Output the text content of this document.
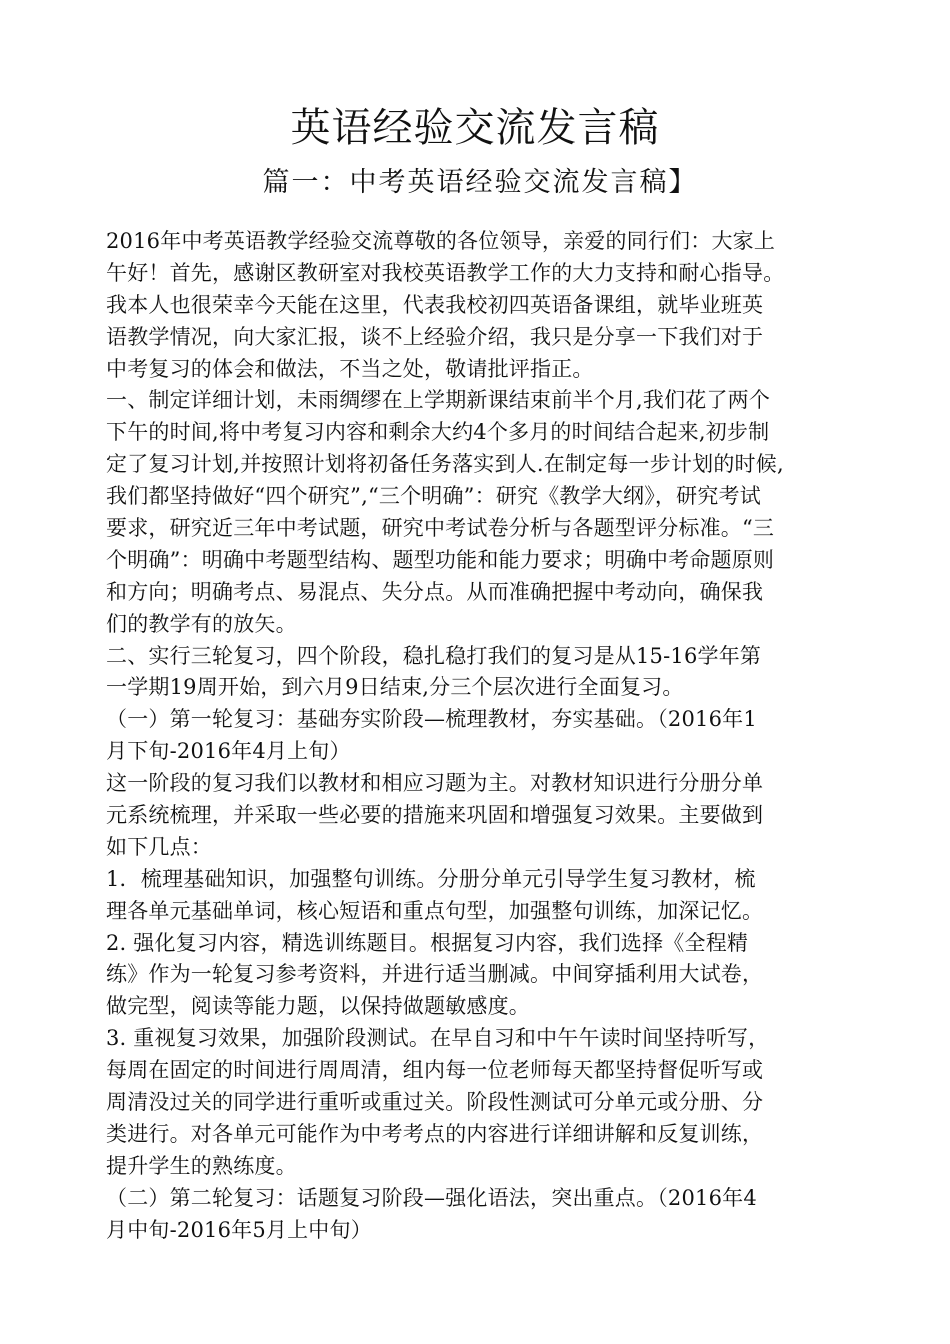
英语经验交流发言稿
篇一：中考英语经验交流发言稿】
2016年中考英语教学经验交流尊敬的各位领导，亲爱的同行们：大家上
午好！首先，感谢区教研室对我校英语教学工作的大力支持和耐心指导。
我本人也很荣幸今天能在这里，代表我校初四英语备课组，就毕业班英
语教学情况，向大家汇报，谈不上经验介绍，我只是分享一下我们对于
中考复习的体会和做法，不当之处，敬请批评指正。
一、制定详细计划，未雨绸缪在上学期新课结束前半个月,我们花了两个
下午的时间,将中考复习内容和剩余大约4个多月的时间结合起来,初步制
定了复习计划,并按照计划将初备任务落实到人.在制定每一步计划的时候,
我们都坚持做好“四个研究”,“三个明确”：研究《教学大纲》，研究考试
要求，研究近三年中考试题，研究中考试卷分析与各题型评分标准。“三
个明确”：明确中考题型结构、题型功能和能力要求；明确中考命题原则
和方向；明确考点、易混点、失分点。从而准确把握中考动向，确保我
们的教学有的放矢。
二、实行三轮复习，四个阶段，稳扎稳打我们的复习是从15-16学年第
一学期19周开始，到六月9日结束,分三个层次进行全面复习。
（一）第一轮复习：基础夯实阶段—梳理教材，夯实基础。（2016年1
月下旬-2016年4月上旬）
这一阶段的复习我们以教材和相应习题为主。对教材知识进行分册分单
元系统梳理，并采取一些必要的措施来巩固和增强复习效果。主要做到
如下几点：
1．梳理基础知识，加强整句训练。分册分单元引导学生复习教材，梳
理各单元基础单词，核心短语和重点句型，加强整句训练，加深记忆。
2. 强化复习内容，精选训练题目。根据复习内容，我们选择《全程精
练》作为一轮复习参考资料，并进行适当删减。中间穿插利用大试卷，
做完型，阅读等能力题，以保持做题敏感度。
3. 重视复习效果，加强阶段测试。在早自习和中午午读时间坚持听写，
每周在固定的时间进行周周清，组内每一位老师每天都坚持督促听写或
周清没过关的同学进行重听或重过关。阶段性测试可分单元或分册、分
类进行。对各单元可能作为中考考点的内容进行详细讲解和反复训练，
提升学生的熟练度。
（二）第二轮复习：话题复习阶段—强化语法，突出重点。（2016年4
月中旬-2016年5月上中旬）
